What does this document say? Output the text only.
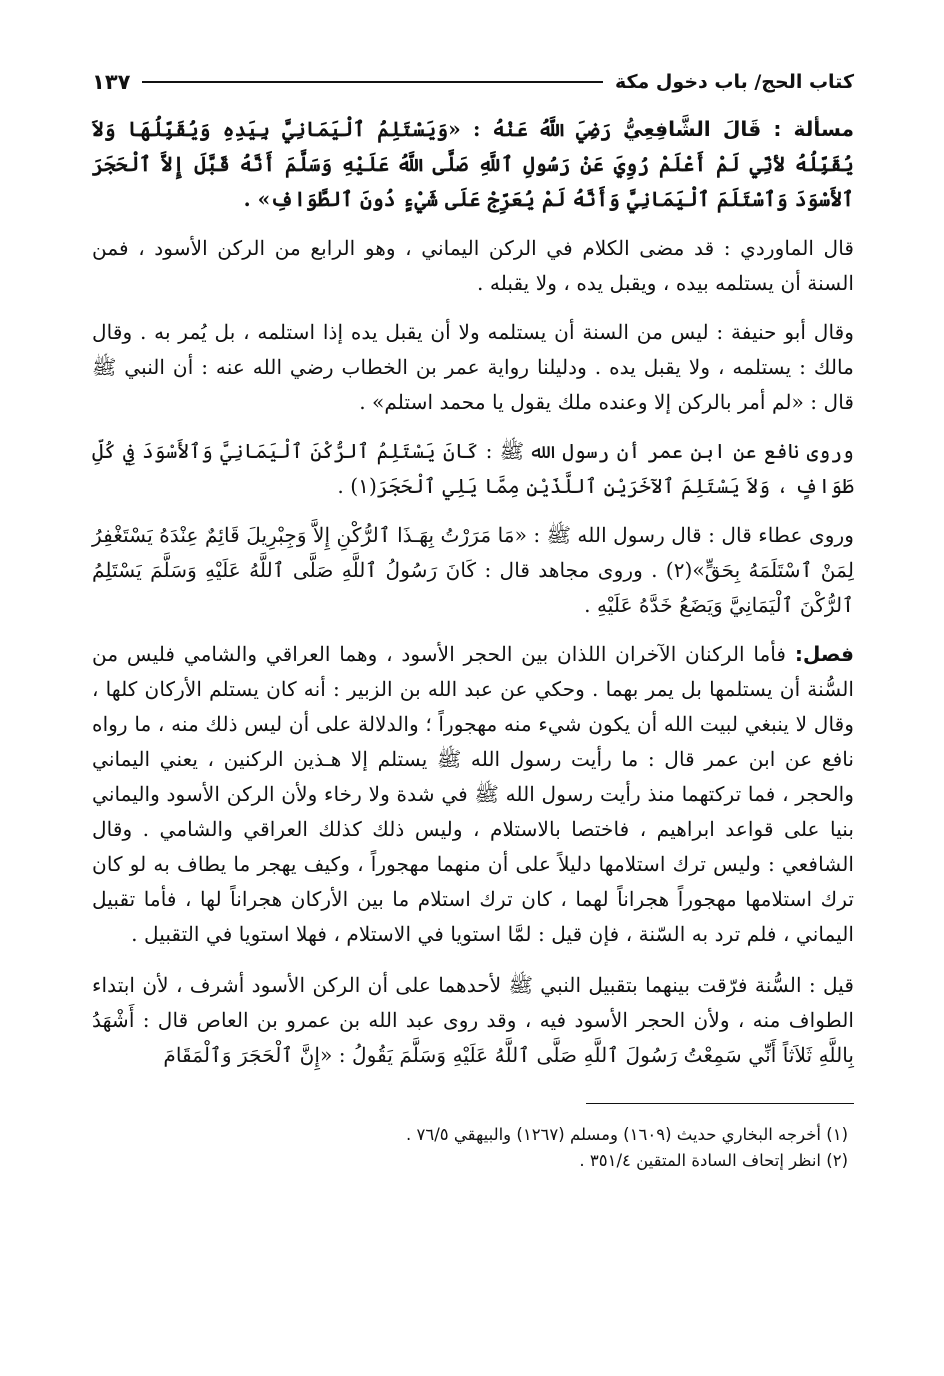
كتاب الحج/ باب دخول مكة
١٣٧

مسألة : قَالَ الشَّافِعِيُّ رَضِيَ اللَّهُ عَنْهُ : «وَيَسْتَلِمُ ٱلْيَمَانِيَّ بِيَدِهِ وَيُقَبِّلُهَا وَلاَ يُقَبِّلُهُ لأنِّي لَمْ أَعْلَمْ رُوِيَ عَنْ رَسُولِ ٱللَّهِ صَلَّى اللَّهُ عَلَيْهِ وَسَلَّمَ أَنَّهُ قَبَّلَ إِلاَّ ٱلْحَجَرَ ٱلأَسْوَدَ وَٱسْتَلَمَ ٱلْيَمَانِيَّ وَأَنَّهُ لَمْ يُعَرِّجْ عَلَى شَيْءٍ دُونَ ٱلطَّوَافِ» .

قال الماوردي : قد مضى الكلام في الركن اليماني ، وهو الرابع من الركن الأسود ، فمن السنة أن يستلمه بيده ، ويقبل يده ، ولا يقبله .

وقال أبو حنيفة : ليس من السنة أن يستلمه ولا أن يقبل يده إذا استلمه ، بل يُمر به . وقال مالك : يستلمه ، ولا يقبل يده . ودليلنا رواية عمر بن الخطاب رضي الله عنه : أن النبي ﷺ قال : «لم أمر بالركن إلا وعنده ملك يقول يا محمد استلم» .

وروى نافع عن ابن عمر أن رسول الله ﷺ : كَانَ يَسْتَلِمُ ٱلرُّكْنَ ٱلْيَمَانِيَّ وَٱلأَسْوَدَ فِي كُلِّ طَوَافٍ ، وَلاَ يَسْتَلِمَ ٱلآخَرَيْنِ ٱللَّذَيْنِ مِمَّا يَلِي ٱلْحَجَرَ(١) .

وروى عطاء قال : قال رسول الله ﷺ : «مَا مَرَرْتُ بِهَـذَا ٱلرُّكْنِ إِلاَّ وَجِبْرِيلَ قَائِمٌ عِنْدَهُ يَسْتَغْفِرُ لِمَنْ ٱسْتَلَمَهُ بِحَقٍّ»(٢) . وروى مجاهد قال : كَانَ رَسُولُ ٱللَّهِ صَلَّى ٱللَّهُ عَلَيْهِ وَسَلَّمَ يَسْتَلِمُ ٱلرُّكْنَ ٱلْيَمَانِيَّ وَيَضَعُ خَدَّهُ عَلَيْهِ .

فصل: فأما الركنان الآخران اللذان بين الحجر الأسود ، وهما العراقي والشامي فليس من السُّنة أن يستلمها بل يمر بهما . وحكي عن عبد الله بن الزبير : أنه كان يستلم الأركان كلها ، وقال لا ينبغي لبيت الله أن يكون شيء منه مهجوراً ؛ والدلالة على أن ليس ذلك منه ، ما رواه نافع عن ابن عمر قال : ما رأيت رسول الله ﷺ يستلم إلا هـذين الركنين ، يعني اليماني والحجر ، فما تركتهما منذ رأيت رسول الله ﷺ في شدة ولا رخاء ولأن الركن الأسود واليماني بنيا على قواعد ابراهيم ، فاختصا بالاستلام ، وليس ذلك كذلك العراقي والشامي . وقال الشافعي : وليس ترك استلامها دليلاً على أن منهما مهجوراً ، وكيف يهجر ما يطاف به لو كان ترك استلامها مهجوراً هجراناً لهما ، كان ترك استلام ما بين الأركان هجراناً لها ، فأما تقبيل اليماني ، فلم ترد به السّنة ، فإن قيل : لمَّا استويا في الاستلام ، فهلا استويا في التقبيل .

قيل : السُّنة فرّقت بينهما بتقبيل النبي ﷺ لأحدهما على أن الركن الأسود أشرف ، لأن ابتداء الطواف منه ، ولأن الحجر الأسود فيه ، وقد روى عبد الله بن عمرو بن العاص قال : أَشْهَدُ بِاللَّهِ ثَلاَثاً أَنِّي سَمِعْتُ رَسُولَ ٱللَّهِ صَلَّى ٱللَّهُ عَلَيْهِ وَسَلَّمَ يَقُولُ : «إِنَّ ٱلْحَجَرَ وَٱلْمَقَامَ

(١) أخرجه البخاري حديث (١٦٠٩) ومسلم (١٢٦٧) والبيهقي ٧٦/٥ .

(٢) انظر إتحاف السادة المتقين ٣٥١/٤ .
